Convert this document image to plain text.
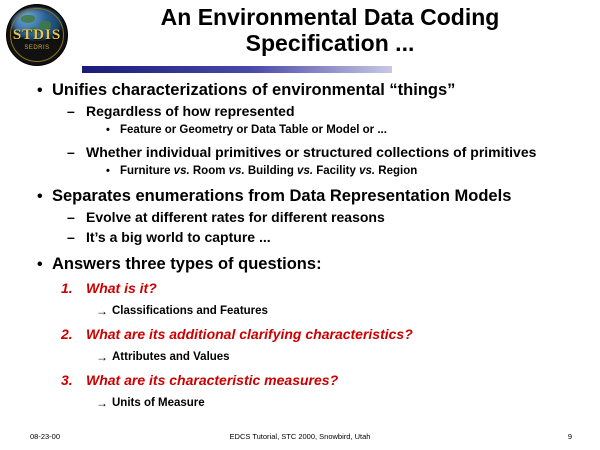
STDIS
SEDRIS
An Environmental Data Coding
Specification ...
• Unifies characterizations of environmental “things”
– Regardless of how represented
• Feature or Geometry or Data Table or Model or ...
– Whether individual primitives or structured collections of primitives
• Furniture vs. Room vs. Building vs. Facility vs. Region
• Separates enumerations from Data Representation Models
– Evolve at different rates for different reasons
– It’s a big world to capture ...
• Answers three types of questions:
1. What is it?
→ Classifications and Features
2. What are its additional clarifying characteristics?
→ Attributes and Values
3. What are its characteristic measures?
→ Units of Measure
08-23-00	EDCS Tutorial, STC 2000, Snowbird, Utah	9
